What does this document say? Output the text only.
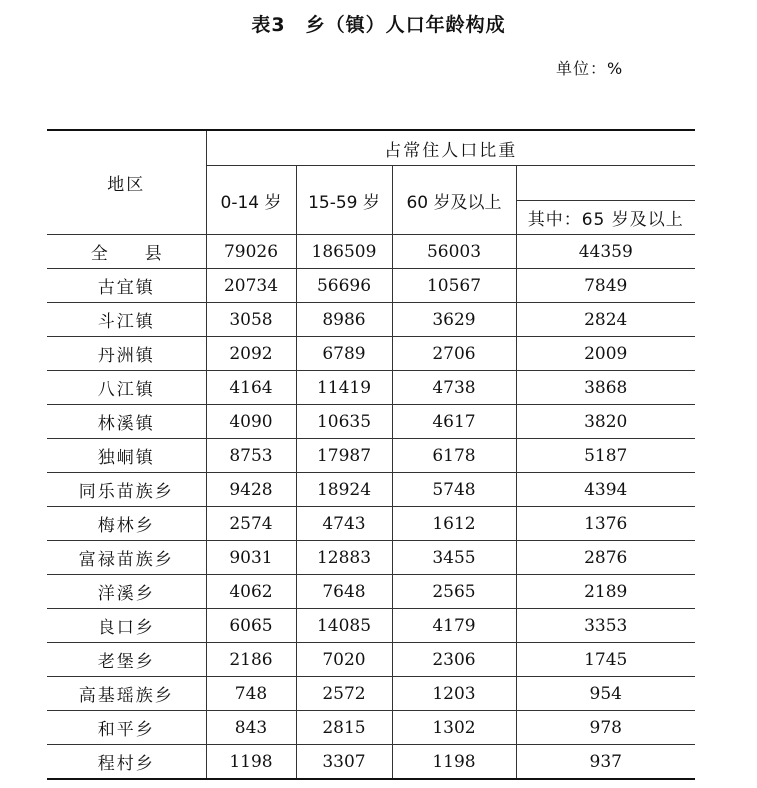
表3　乡（镇）人口年龄构成
单位：%
地区	占常住人口比重			
	0-14 岁	15-59 岁	60 岁及以上	
				其中：65 岁及以上
全　县	79026	186509	56003	44359
古宜镇	20734	56696	10567	7849
斗江镇	3058	8986	3629	2824
丹洲镇	2092	6789	2706	2009
八江镇	4164	11419	4738	3868
林溪镇	4090	10635	4617	3820
独峒镇	8753	17987	6178	5187
同乐苗族乡	9428	18924	5748	4394
梅林乡	2574	4743	1612	1376
富禄苗族乡	9031	12883	3455	2876
洋溪乡	4062	7648	2565	2189
良口乡	6065	14085	4179	3353
老堡乡	2186	7020	2306	1745
高基瑶族乡	748	2572	1203	954
和平乡	843	2815	1302	978
程村乡	1198	3307	1198	937
